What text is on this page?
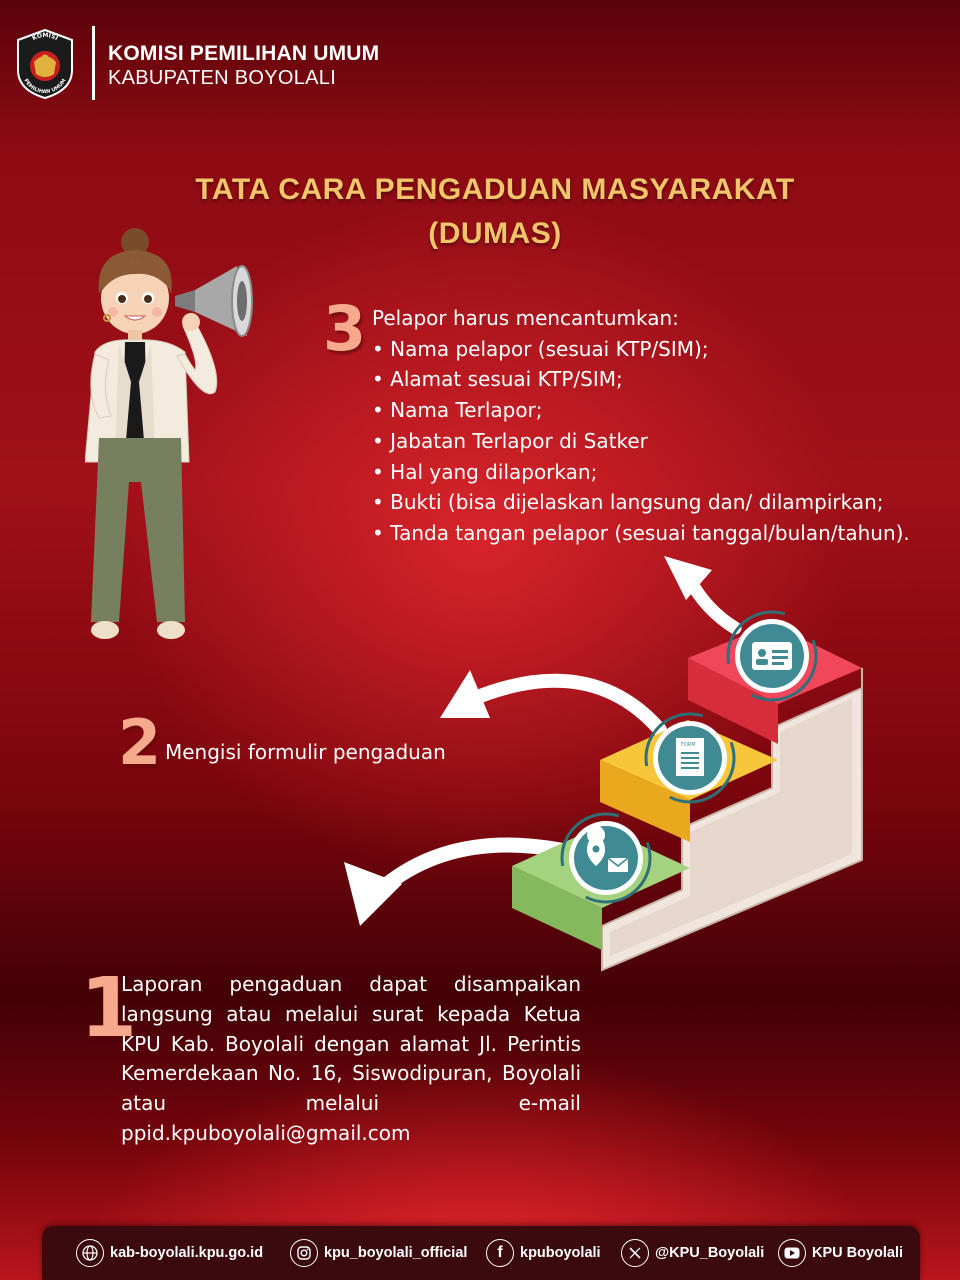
KOMISI
PEMILIHAN UMUM
KOMISI PEMILIHAN UMUM
KABUPATEN BOYOLALI
TATA CARA PENGADUAN MASYARAKAT
(DUMAS)
3 Pelapor harus mencantumkan:
• Nama pelapor (sesuai KTP/SIM);
• Alamat sesuai KTP/SIM;
• Nama Terlapor;
• Jabatan Terlapor di Satker
• Hal yang dilaporkan;
• Bukti (bisa dijelaskan langsung dan/ dilampirkan;
• Tanda tangan pelapor (sesuai tanggal/bulan/tahun).
FORM
2 Mengisi formulir pengaduan
1
Laporan pengaduan dapat disampaikan langsung atau melalui surat kepada Ketua KPU Kab. Boyolali dengan alamat Jl. Perintis Kemerdekaan No. 16, Siswodipuran, Boyolali atau melalui e-mail ppid.kpuboyolali@gmail.com
kab-boyolali.kpu.go.id	kpu_boyolali_official	f	kpuboyolali	@KPU_Boyolali	KPU Boyolali
